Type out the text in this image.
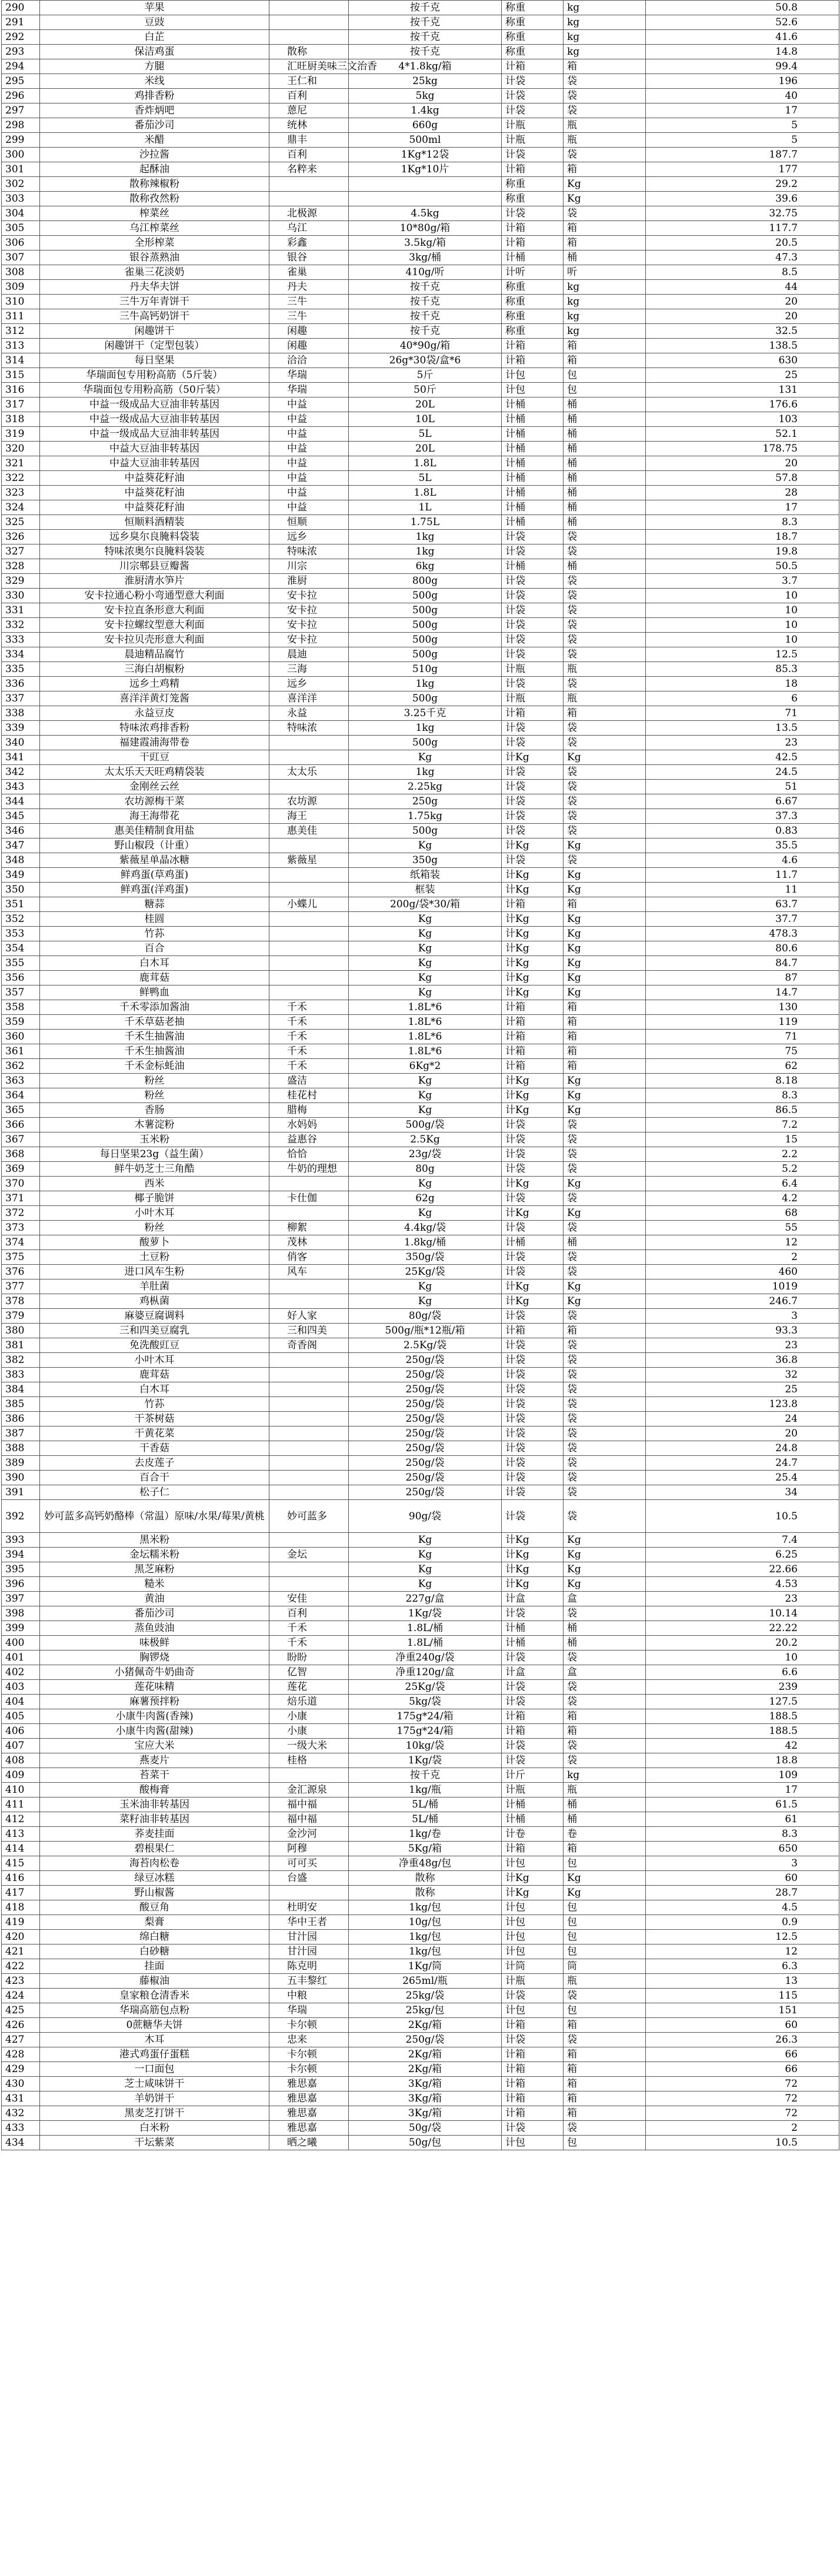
290	苹果		按千克	称重	kg	50.8
291	豆豉		按千克	称重	kg	52.6
292	白芷		按千克	称重	kg	41.6
293	保洁鸡蛋	散称	按千克	称重	kg	14.8
294	方腿	汇旺厨美味三文治香	4*1.8kg/箱	计箱	箱	99.4
295	米线	王仁和	25kg	计袋	袋	196
296	鸡排香粉	百利	5kg	计袋	袋	40
297	香炸炳吧	蒽尼	1.4kg	计袋	袋	17
298	番茄沙司	统林	660g	计瓶	瓶	5
299	米醋	鼎丰	500ml	计瓶	瓶	5
300	沙拉酱	百利	1Kg*12袋	计袋	袋	187.7
301	起酥油	名粹来	1Kg*10片	计箱	箱	177
302	散称辣椒粉			称重	Kg	29.2
303	散称孜然粉			称重	Kg	39.6
304	榨菜丝	北极源	4.5kg	计袋	袋	32.75
305	乌江榨菜丝	乌江	10*80g/箱	计箱	箱	117.7
306	全形榨菜	彩鑫	3.5kg/箱	计箱	箱	20.5
307	银谷蒸熟油	银谷	3kg/桶	计桶	桶	47.3
308	雀巢三花淡奶	雀巢	410g/听	计听	听	8.5
309	丹夫华夫饼	丹夫	按千克	称重	kg	44
310	三牛万年青饼干	三牛	按千克	称重	kg	20
311	三牛高钙奶饼干	三牛	按千克	称重	kg	20
312	闲趣饼干	闲趣	按千克	称重	kg	32.5
313	闲趣饼干（定型包装）	闲趣	40*90g/箱	计箱	箱	138.5
314	每日坚果	洽洽	26g*30袋/盒*6	计箱	箱	630
315	华瑞面包专用粉高筋（5斤装）	华瑞	5斤	计包	包	25
316	华瑞面包专用粉高筋（50斤装）	华瑞	50斤	计包	包	131
317	中益一级成品大豆油非转基因	中益	20L	计桶	桶	176.6
318	中益一级成品大豆油非转基因	中益	10L	计桶	桶	103
319	中益一级成品大豆油非转基因	中益	5L	计桶	桶	52.1
320	中益大豆油非转基因	中益	20L	计桶	桶	178.75
321	中益大豆油非转基因	中益	1.8L	计桶	桶	20
322	中益葵花籽油	中益	5L	计桶	桶	57.8
323	中益葵花籽油	中益	1.8L	计桶	桶	28
324	中益葵花籽油	中益	1L	计桶	桶	17
325	恒顺料酒精装	恒顺	1.75L	计桶	桶	8.3
326	远乡臭尔良腌料袋装	远乡	1kg	计袋	袋	18.7
327	特味浓奥尔良腌料袋装	特味浓	1kg	计袋	袋	19.8
328	川宗郫县豆瓣酱	川宗	6kg	计桶	桶	50.5
329	淮厨清水笋片	淮厨	800g	计袋	袋	3.7
330	安卡拉通心粉小弯通型意大利面	安卡拉	500g	计袋	袋	10
331	安卡拉直条形意大利面	安卡拉	500g	计袋	袋	10
332	安卡拉螺纹型意大利面	安卡拉	500g	计袋	袋	10
333	安卡拉贝壳形意大利面	安卡拉	500g	计袋	袋	10
334	晨迪精品腐竹	晨迪	500g	计袋	袋	12.5
335	三海白胡椒粉	三海	510g	计瓶	瓶	85.3
336	远乡土鸡精	远乡	1kg	计袋	袋	18
337	喜洋洋黄灯笼酱	喜洋洋	500g	计瓶	瓶	6
338	永益豆皮	永益	3.25千克	计箱	箱	71
339	特味浓鸡排香粉	特味浓	1kg	计袋	袋	13.5
340	福建霞浦海带卷		500g	计袋	袋	23
341	干豇豆		Kg	计Kg	Kg	42.5
342	太太乐天天旺鸡精袋装	太太乐	1kg	计袋	袋	24.5
343	金刚丝云丝		2.25kg	计袋	袋	51
344	农坊源梅干菜	农坊源	250g	计袋	袋	6.67
345	海王海带花	海王	1.75kg	计袋	袋	37.3
346	惠美佳精制食用盐	惠美佳	500g	计袋	袋	0.83
347	野山椒段（计重）		Kg	计Kg	Kg	35.5
348	紫薇星单晶冰糖	紫薇星	350g	计袋	袋	4.6
349	鲜鸡蛋(草鸡蛋)		纸箱装	计Kg	Kg	11.7
350	鲜鸡蛋(洋鸡蛋)		框装	计Kg	Kg	11
351	糖蒜	小蝶儿	200g/袋*30/箱	计箱	箱	63.7
352	桂圆		Kg	计Kg	Kg	37.7
353	竹荪		Kg	计Kg	Kg	478.3
354	百合		Kg	计Kg	Kg	80.6
355	白木耳		Kg	计Kg	Kg	84.7
356	鹿茸菇		Kg	计Kg	Kg	87
357	鲜鸭血		Kg	计Kg	Kg	14.7
358	千禾零添加酱油	千禾	1.8L*6	计箱	箱	130
359	千禾草菇老抽	千禾	1.8L*6	计箱	箱	119
360	千禾生抽酱油	千禾	1.8L*6	计箱	箱	71
361	千禾生抽酱油	千禾	1.8L*6	计箱	箱	75
362	千禾金标蚝油	千禾	6Kg*2	计箱	箱	62
363	粉丝	盛洁	Kg	计Kg	Kg	8.18
364	粉丝	桂花村	Kg	计Kg	Kg	8.3
365	香肠	腊梅	Kg	计Kg	Kg	86.5
366	木薯淀粉	水妈妈	500g/袋	计袋	袋	7.2
367	玉米粉	益惠谷	2.5Kg	计袋	袋	15
368	每日坚果23g（益生菌）	恰恰	23g/袋	计袋	袋	2.2
369	鲜牛奶芝士三角酷	牛奶的理想	80g	计袋	袋	5.2
370	西米		Kg	计Kg	Kg	6.4
371	椰子脆饼	卡仕伽	62g	计袋	袋	4.2
372	小叶木耳		Kg	计Kg	Kg	68
373	粉丝	柳絮	4.4kg/袋	计袋	袋	55
374	酸萝卜	茂林	1.8kg/桶	计桶	桶	12
375	土豆粉	俏客	350g/袋	计袋	袋	2
376	进口风车生粉	风车	25Kg/袋	计袋	袋	460
377	羊肚菌		Kg	计Kg	Kg	1019
378	鸡枞菌		Kg	计Kg	Kg	246.7
379	麻婆豆腐调料	好人家	80g/袋	计袋	袋	3
380	三和四美豆腐乳	三和四美	500g/瓶*12瓶/箱	计箱	箱	93.3
381	免洗酸豇豆	奇香阁	2.5Kg/袋	计袋	袋	23
382	小叶木耳		250g/袋	计袋	袋	36.8
383	鹿茸菇		250g/袋	计袋	袋	32
384	白木耳		250g/袋	计袋	袋	25
385	竹荪		250g/袋	计袋	袋	123.8
386	干茶树菇		250g/袋	计袋	袋	24
387	干黄花菜		250g/袋	计袋	袋	20
388	干香菇		250g/袋	计袋	袋	24.8
389	去皮莲子		250g/袋	计袋	袋	24.7
390	百合干		250g/袋	计袋	袋	25.4
391	松子仁		250g/袋	计袋	袋	34
392	妙可蓝多高钙奶酪棒（常温）原味/水果/莓果/黄桃	妙可蓝多	90g/袋	计袋	袋	10.5
393	黑米粉		Kg	计Kg	Kg	7.4
394	金坛糯米粉	金坛	Kg	计Kg	Kg	6.25
395	黑芝麻粉		Kg	计Kg	Kg	22.66
396	糙米		Kg	计Kg	Kg	4.53
397	黄油	安佳	227g/盒	计盒	盒	23
398	番茄沙司	百利	1Kg/袋	计袋	袋	10.14
399	蒸鱼豉油	千禾	1.8L/桶	计桶	桶	22.22
400	味极鲜	千禾	1.8L/桶	计桶	桶	20.2
401	胸锣烧	盼盼	净重240g/袋	计袋	袋	10
402	小猪佩奇牛奶曲奇	亿智	净重120g/盒	计盒	盒	6.6
403	莲花味精	莲花	25Kg/袋	计袋	袋	239
404	麻薯预拌粉	焙乐道	5kg/袋	计袋	袋	127.5
405	小康牛肉酱(香辣)	小康	175g*24/箱	计箱	箱	188.5
406	小康牛肉酱(甜辣)	小康	175g*24/箱	计箱	箱	188.5
407	宝应大米	一级大米	10kg/袋	计袋	袋	42
408	燕麦片	桂格	1Kg/袋	计袋	袋	18.8
409	苔菜干		按千克	计斤	kg	109
410	酸梅膏	金汇源泉	1kg/瓶	计瓶	瓶	17
411	玉米油非转基因	福中福	5L/桶	计桶	桶	61.5
412	菜籽油非转基因	福中福	5L/桶	计桶	桶	61
413	荞麦挂面	金沙河	1kg/卷	计卷	卷	8.3
414	碧根果仁	阿穆	5Kg/箱	计箱	箱	650
415	海苔肉松卷	可可买	净重48g/包	计包	包	3
416	绿豆冰糕	台盛	散称	计Kg	Kg	60
417	野山椒酱		散称	计Kg	Kg	28.7
418	酸豆角	杜明安	1kg/包	计包	包	4.5
419	梨膏	华中王者	10g/包	计包	包	0.9
420	绵白糖	甘汁园	1kg/包	计包	包	12.5
421	白砂糖	甘汁园	1kg/包	计包	包	12
422	挂面	陈克明	1Kg/筒	计筒	筒	6.3
423	藤椒油	五丰黎红	265ml/瓶	计瓶	瓶	13
424	皇家粮仓清香米	中粮	25kg/袋	计袋	袋	115
425	华瑞高筋包点粉	华瑞	25kg/包	计包	包	151
426	0蔗糖华夫饼	卡尔顿	2Kg/箱	计箱	箱	60
427	木耳	忠来	250g/袋	计袋	袋	26.3
428	港式鸡蛋仔蛋糕	卡尔顿	2Kg/箱	计箱	箱	66
429	一口面包	卡尔顿	2Kg/箱	计箱	箱	66
430	芝士咸味饼干	雅思嘉	3Kg/箱	计箱	箱	72
431	羊奶饼干	雅思嘉	3Kg/箱	计箱	箱	72
432	黑麦芝打饼干	雅思嘉	3Kg/箱	计箱	箱	72
433	白米粉	雅思嘉	50g/袋	计袋	袋	2
434	干坛紫菜	晒之曦	50g/包	计包	包	10.5
